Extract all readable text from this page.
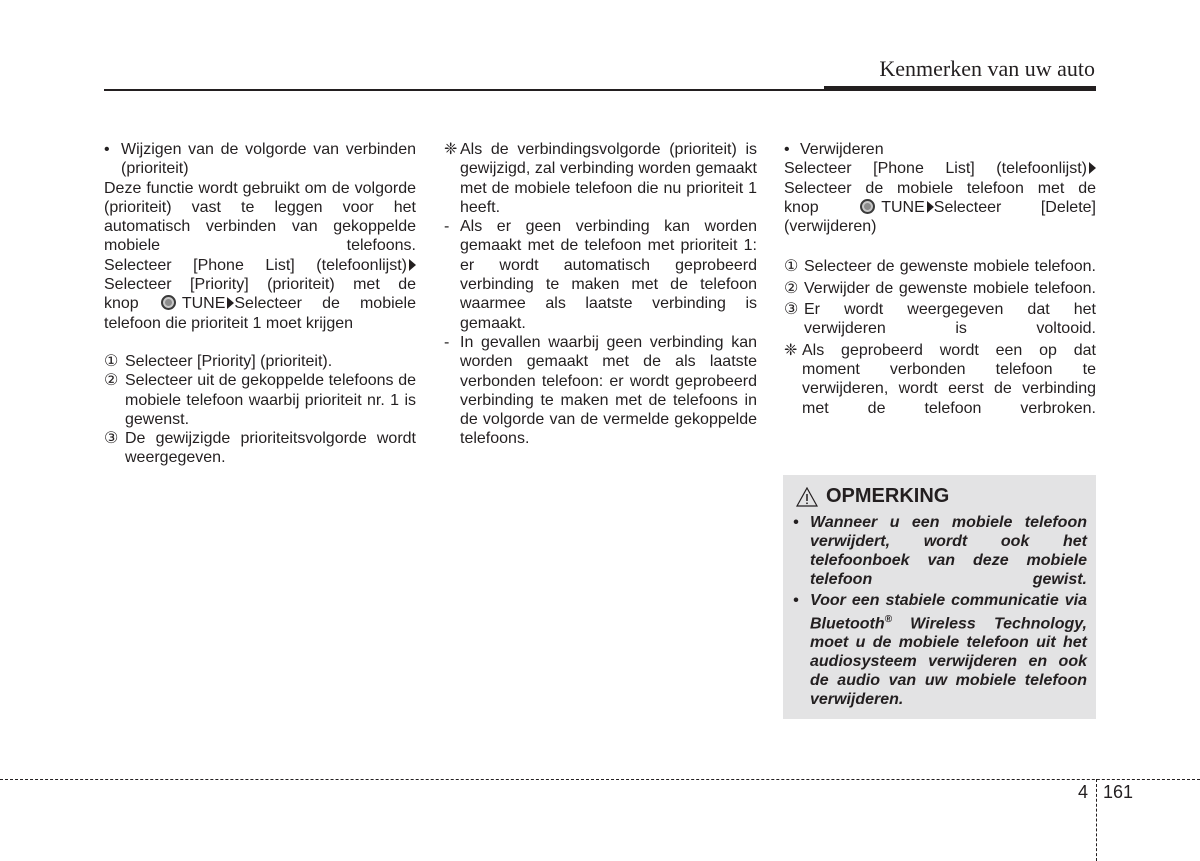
Kenmerken van uw auto
• Wijzigen van de volgorde van verbinden (prioriteit)

Deze functie wordt gebruikt om de volgorde (prioriteit) vast te leggen voor het automatisch verbinden van gekoppelde mobiele telefoons.

Selecteer [Phone List] (telefoonlijst)

Selecteer [Priority] (prioriteit) met de

knop	TUNE Selecteer de mobiele

telefoon die prioriteit 1 moet krijgen

① Selecteer [Priority] (prioriteit).
② Selecteer uit de gekoppelde telefoons de mobiele telefoon waarbij prioriteit nr. 1 is gewenst.
③ De gewijzigde prioriteitsvolgorde wordt weergegeven.
❈ Als de verbindingsvolgorde (prioriteit) is gewijzigd, zal verbinding worden gemaakt met de mobiele telefoon die nu prioriteit 1 heeft.
- Als er geen verbinding kan worden gemaakt met de telefoon met prioriteit 1: er wordt automatisch geprobeerd verbinding te maken met de telefoon waarmee als laatste verbinding is gemaakt.
- In gevallen waarbij geen verbinding kan worden gemaakt met de als laatste verbonden telefoon: er wordt geprobeerd verbinding te maken met de telefoons in de volgorde van de vermelde gekoppelde telefoons.
• Verwijderen

Selecteer [Phone List] (telefoonlijst)

Selecteer de mobiele telefoon met de

knop	TUNE Selecteer [Delete]

(verwijderen)

① Selecteer de gewenste mobiele telefoon.
② Verwijder de gewenste mobiele telefoon.
③ Er wordt weergegeven dat het verwijderen is voltooid.
❈ Als geprobeerd wordt een op dat moment verbonden telefoon te verwijderen, wordt eerst de verbinding met de telefoon verbroken.
OPMERKING
• Wanneer u een mobiele telefoon verwijdert, wordt ook het telefoonboek van deze mobiele telefoon gewist.
• Voor een stabiele communicatie via Bluetooth® Wireless Technology, moet u de mobiele telefoon uit het audiosysteem verwijderen en ook de audio van uw mobiele telefoon verwijderen.
4 161
